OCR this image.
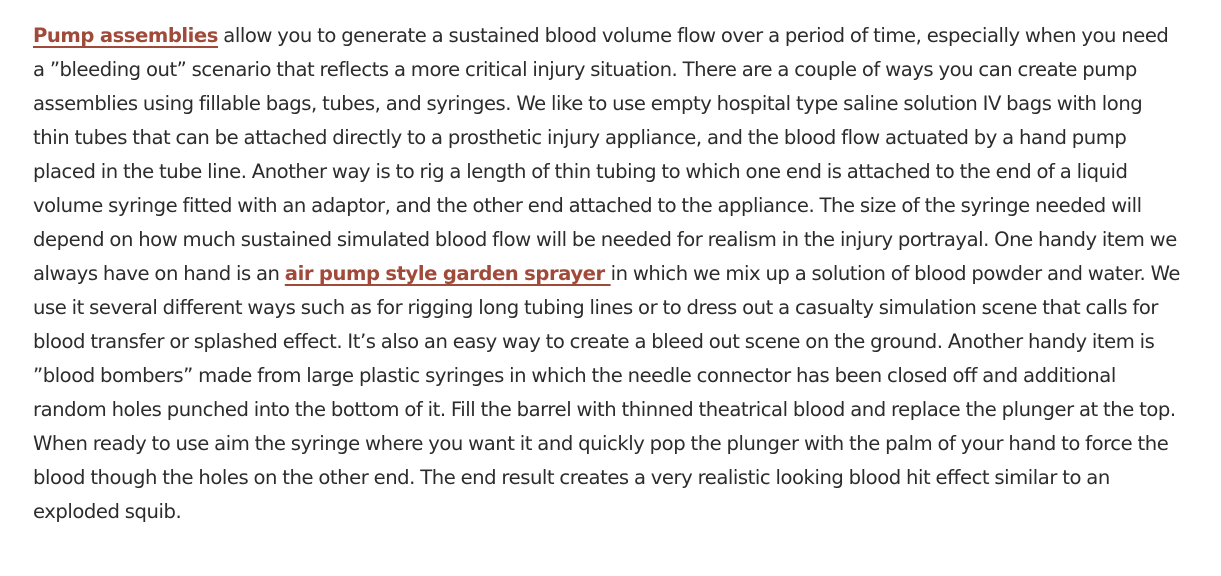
Pump assemblies allow you to generate a sustained blood volume flow over a period of time, especially when you need a ”bleeding out” scenario that reflects a more critical injury situation. There are a couple of ways you can create pump assemblies using fillable bags, tubes, and syringes. We like to use empty hospital type saline solution IV bags with long thin tubes that can be attached directly to a prosthetic injury appliance, and the blood flow actuated by a hand pump placed in the tube line. Another way is to rig a length of thin tubing to which one end is attached to the end of a liquid volume syringe fitted with an adaptor, and the other end attached to the appliance. The size of the syringe needed will depend on how much sustained simulated blood flow will be needed for realism in the injury portrayal. One handy item we always have on hand is an air pump style garden sprayer in which we mix up a solution of blood powder and water. We use it several different ways such as for rigging long tubing lines or to dress out a casualty simulation scene that calls for blood transfer or splashed effect. It’s also an easy way to create a bleed out scene on the ground. Another handy item is ”blood bombers” made from large plastic syringes in which the needle connector has been closed off and additional random holes punched into the bottom of it. Fill the barrel with thinned theatrical blood and replace the plunger at the top. When ready to use aim the syringe where you want it and quickly pop the plunger with the palm of your hand to force the blood though the holes on the other end. The end result creates a very realistic looking blood hit effect similar to an exploded squib.
